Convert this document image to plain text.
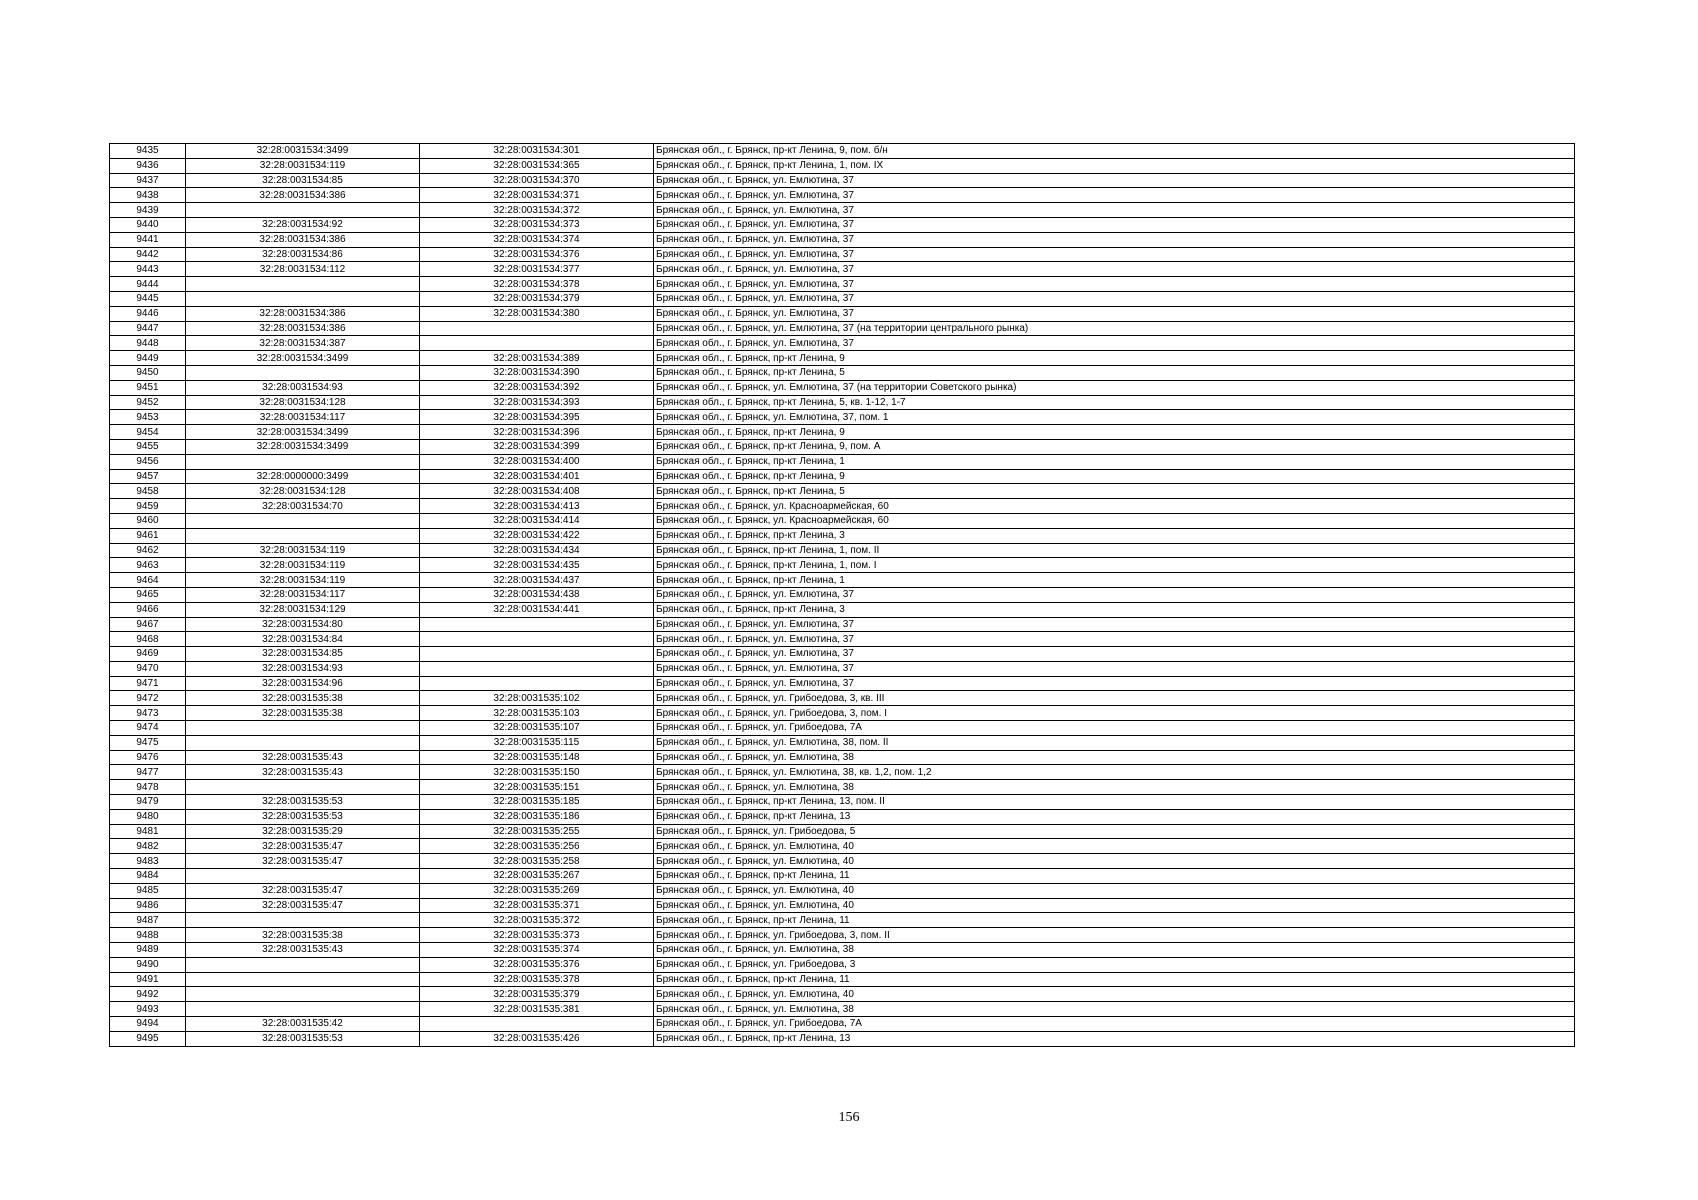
9435	32:28:0031534:3499	32:28:0031534:301	Брянская обл., г. Брянск, пр-кт Ленина, 9, пом. б/н
9436	32:28:0031534:119	32:28:0031534:365	Брянская обл., г. Брянск, пр-кт Ленина, 1, пом. IX
9437	32:28:0031534:85	32:28:0031534:370	Брянская обл., г. Брянск, ул. Емлютина, 37
9438	32:28:0031534:386	32:28:0031534:371	Брянская обл., г. Брянск, ул. Емлютина, 37
9439		32:28:0031534:372	Брянская обл., г. Брянск, ул. Емлютина, 37
9440	32:28:0031534:92	32:28:0031534:373	Брянская обл., г. Брянск, ул. Емлютина, 37
9441	32:28:0031534:386	32:28:0031534:374	Брянская обл., г. Брянск, ул. Емлютина, 37
9442	32:28:0031534:86	32:28:0031534:376	Брянская обл., г. Брянск, ул. Емлютина, 37
9443	32:28:0031534:112	32:28:0031534:377	Брянская обл., г. Брянск, ул. Емлютина, 37
9444		32:28:0031534:378	Брянская обл., г. Брянск, ул. Емлютина, 37
9445		32:28:0031534:379	Брянская обл., г. Брянск, ул. Емлютина, 37
9446	32:28:0031534:386	32:28:0031534:380	Брянская обл., г. Брянск, ул. Емлютина, 37
9447	32:28:0031534:386		Брянская обл., г. Брянск, ул. Емлютина, 37 (на территории центрального рынка)
9448	32:28:0031534:387		Брянская обл., г. Брянск, ул. Емлютина, 37
9449	32:28:0031534:3499	32:28:0031534:389	Брянская обл., г. Брянск, пр-кт Ленина, 9
9450		32:28:0031534:390	Брянская обл., г. Брянск, пр-кт Ленина, 5
9451	32:28:0031534:93	32:28:0031534:392	Брянская обл., г. Брянск, ул. Емлютина, 37 (на территории Советского рынка)
9452	32:28:0031534:128	32:28:0031534:393	Брянская обл., г. Брянск, пр-кт Ленина, 5, кв. 1-12, 1-7
9453	32:28:0031534:117	32:28:0031534:395	Брянская обл., г. Брянск, ул. Емлютина, 37, пом. 1
9454	32:28:0031534:3499	32:28:0031534:396	Брянская обл., г. Брянск, пр-кт Ленина, 9
9455	32:28:0031534:3499	32:28:0031534:399	Брянская обл., г. Брянск, пр-кт Ленина, 9, пом. А
9456		32:28:0031534:400	Брянская обл., г. Брянск, пр-кт Ленина, 1
9457	32:28:0000000:3499	32:28:0031534:401	Брянская обл., г. Брянск, пр-кт Ленина, 9
9458	32:28:0031534:128	32:28:0031534:408	Брянская обл., г. Брянск, пр-кт Ленина, 5
9459	32:28:0031534:70	32:28:0031534:413	Брянская обл., г. Брянск, ул. Красноармейская, 60
9460		32:28:0031534:414	Брянская обл., г. Брянск, ул. Красноармейская, 60
9461		32:28:0031534:422	Брянская обл., г. Брянск, пр-кт Ленина, 3
9462	32:28:0031534:119	32:28:0031534:434	Брянская обл., г. Брянск, пр-кт Ленина, 1, пом. II
9463	32:28:0031534:119	32:28:0031534:435	Брянская обл., г. Брянск, пр-кт Ленина, 1, пом. I
9464	32:28:0031534:119	32:28:0031534:437	Брянская обл., г. Брянск, пр-кт Ленина, 1
9465	32:28:0031534:117	32:28:0031534:438	Брянская обл., г. Брянск, ул. Емлютина, 37
9466	32:28:0031534:129	32:28:0031534:441	Брянская обл., г. Брянск, пр-кт Ленина, 3
9467	32:28:0031534:80		Брянская обл., г. Брянск, ул. Емлютина, 37
9468	32:28:0031534:84		Брянская обл., г. Брянск, ул. Емлютина, 37
9469	32:28:0031534:85		Брянская обл., г. Брянск, ул. Емлютина, 37
9470	32:28:0031534:93		Брянская обл., г. Брянск, ул. Емлютина, 37
9471	32:28:0031534:96		Брянская обл., г. Брянск, ул. Емлютина, 37
9472	32:28:0031535:38	32:28:0031535:102	Брянская обл., г. Брянск, ул. Грибоедова, 3, кв. III
9473	32:28:0031535:38	32:28:0031535:103	Брянская обл., г. Брянск, ул. Грибоедова, 3, пом. I
9474		32:28:0031535:107	Брянская обл., г. Брянск, ул. Грибоедова, 7А
9475		32:28:0031535:115	Брянская обл., г. Брянск, ул. Емлютина, 38, пом. II
9476	32:28:0031535:43	32:28:0031535:148	Брянская обл., г. Брянск, ул. Емлютина, 38
9477	32:28:0031535:43	32:28:0031535:150	Брянская обл., г. Брянск, ул. Емлютина, 38, кв. 1,2, пом. 1,2
9478		32:28:0031535:151	Брянская обл., г. Брянск, ул. Емлютина, 38
9479	32:28:0031535:53	32:28:0031535:185	Брянская обл., г. Брянск, пр-кт Ленина, 13, пом. II
9480	32:28:0031535:53	32:28:0031535:186	Брянская обл., г. Брянск, пр-кт Ленина, 13
9481	32:28:0031535:29	32:28:0031535:255	Брянская обл., г. Брянск, ул. Грибоедова, 5
9482	32:28:0031535:47	32:28:0031535:256	Брянская обл., г. Брянск, ул. Емлютина, 40
9483	32:28:0031535:47	32:28:0031535:258	Брянская обл., г. Брянск, ул. Емлютина, 40
9484		32:28:0031535:267	Брянская обл., г. Брянск, пр-кт Ленина, 11
9485	32:28:0031535:47	32:28:0031535:269	Брянская обл., г. Брянск, ул. Емлютина, 40
9486	32:28:0031535:47	32:28:0031535:371	Брянская обл., г. Брянск, ул. Емлютина, 40
9487		32:28:0031535:372	Брянская обл., г. Брянск, пр-кт Ленина, 11
9488	32:28:0031535:38	32:28:0031535:373	Брянская обл., г. Брянск, ул. Грибоедова, 3, пом. II
9489	32:28:0031535:43	32:28:0031535:374	Брянская обл., г. Брянск, ул. Емлютина, 38
9490		32:28:0031535:376	Брянская обл., г. Брянск, ул. Грибоедова, 3
9491		32:28:0031535:378	Брянская обл., г. Брянск, пр-кт Ленина, 11
9492		32:28:0031535:379	Брянская обл., г. Брянск, ул. Емлютина, 40
9493		32:28:0031535:381	Брянская обл., г. Брянск, ул. Емлютина, 38
9494	32:28:0031535:42		Брянская обл., г. Брянск, ул. Грибоедова, 7А
9495	32:28:0031535:53	32:28:0031535:426	Брянская обл., г. Брянск, пр-кт Ленина, 13
156
